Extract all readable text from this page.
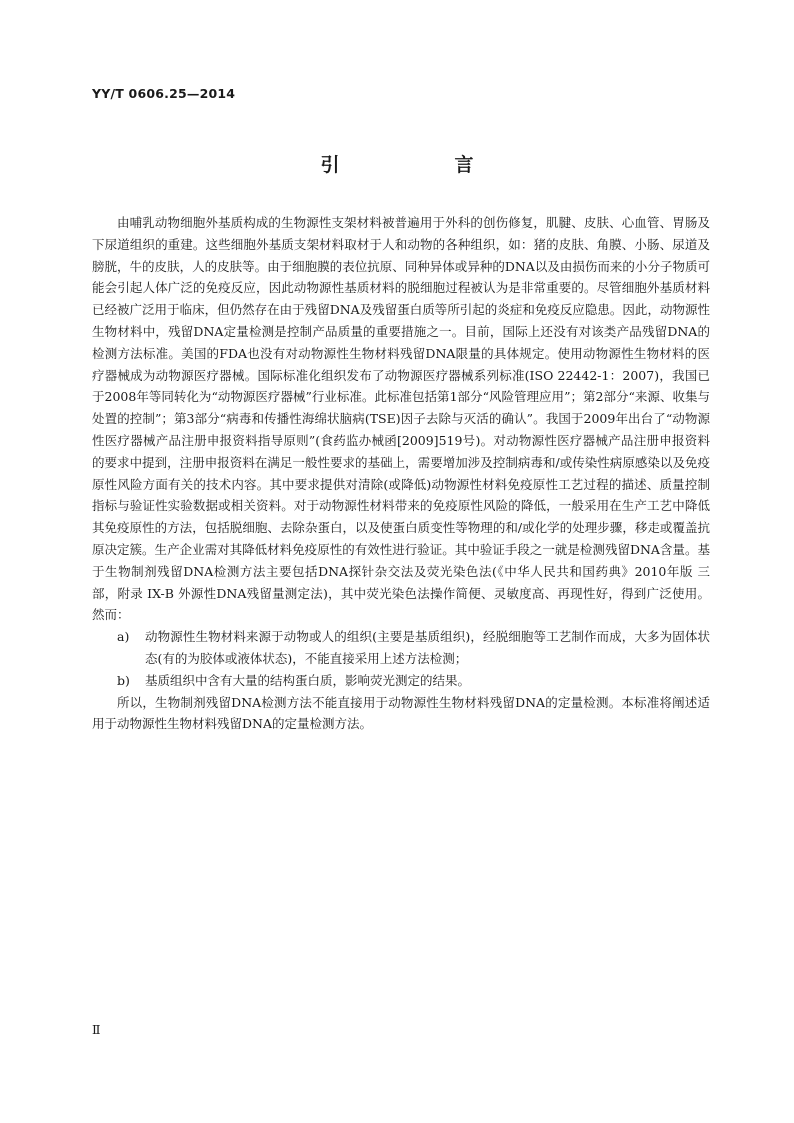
YY/T 0606.25—2014
引　言

由哺乳动物细胞外基质构成的生物源性支架材料被普遍用于外科的创伤修复，肌腱、皮肤、心血管、胃肠及下尿道组织的重建。这些细胞外基质支架材料取材于人和动物的各种组织，如：猪的皮肤、角膜、小肠、尿道及膀胱，牛的皮肤，人的皮肤等。由于细胞膜的表位抗原、同种异体或异种的DNA以及由损伤而来的小分子物质可能会引起人体广泛的免疫反应，因此动物源性基质材料的脱细胞过程被认为是非常重要的。尽管细胞外基质材料已经被广泛用于临床，但仍然存在由于残留DNA及残留蛋白质等所引起的炎症和免疫反应隐患。因此，动物源性生物材料中，残留DNA定量检测是控制产品质量的重要措施之一。目前，国际上还没有对该类产品残留DNA的检测方法标准。美国的FDA也没有对动物源性生物材料残留DNA限量的具体规定。使用动物源性生物材料的医疗器械成为动物源医疗器械。国际标准化组织发布了动物源医疗器械系列标准(ISO 22442-1：2007)，我国已于2008年等同转化为“动物源医疗器械”行业标准。此标准包括第1部分“风险管理应用”；第2部分“来源、收集与处置的控制”；第3部分“病毒和传播性海绵状脑病(TSE)因子去除与灭活的确认”。我国于2009年出台了“动物源性医疗器械产品注册申报资料指导原则”(食药监办械函[2009]519号)。对动物源性医疗器械产品注册申报资料的要求中提到，注册申报资料在满足一般性要求的基础上，需要增加涉及控制病毒和/或传染性病原感染以及免疫原性风险方面有关的技术内容。其中要求提供对清除(或降低)动物源性材料免疫原性工艺过程的描述、质量控制指标与验证性实验数据或相关资料。对于动物源性材料带来的免疫原性风险的降低，一般采用在生产工艺中降低其免疫原性的方法，包括脱细胞、去除杂蛋白，以及使蛋白质变性等物理的和/或化学的处理步骤，移走或覆盖抗原决定簇。生产企业需对其降低材料免疫原性的有效性进行验证。其中验证手段之一就是检测残留DNA含量。基于生物制剂残留DNA检测方法主要包括DNA探针杂交法及荧光染色法(《中华人民共和国药典》2010年版 三部，附录 IX-B 外源性DNA残留量测定法)，其中荧光染色法操作简便、灵敏度高、再现性好，得到广泛使用。然而：

a)	动物源性生物材料来源于动物或人的组织(主要是基质组织)，经脱细胞等工艺制作而成，大多为固体状态(有的为胶体或液体状态)，不能直接采用上述方法检测；
b)	基质组织中含有大量的结构蛋白质，影响荧光测定的结果。

所以，生物制剂残留DNA检测方法不能直接用于动物源性生物材料残留DNA的定量检测。本标准将阐述适用于动物源性生物材料残留DNA的定量检测方法。

Ⅱ
